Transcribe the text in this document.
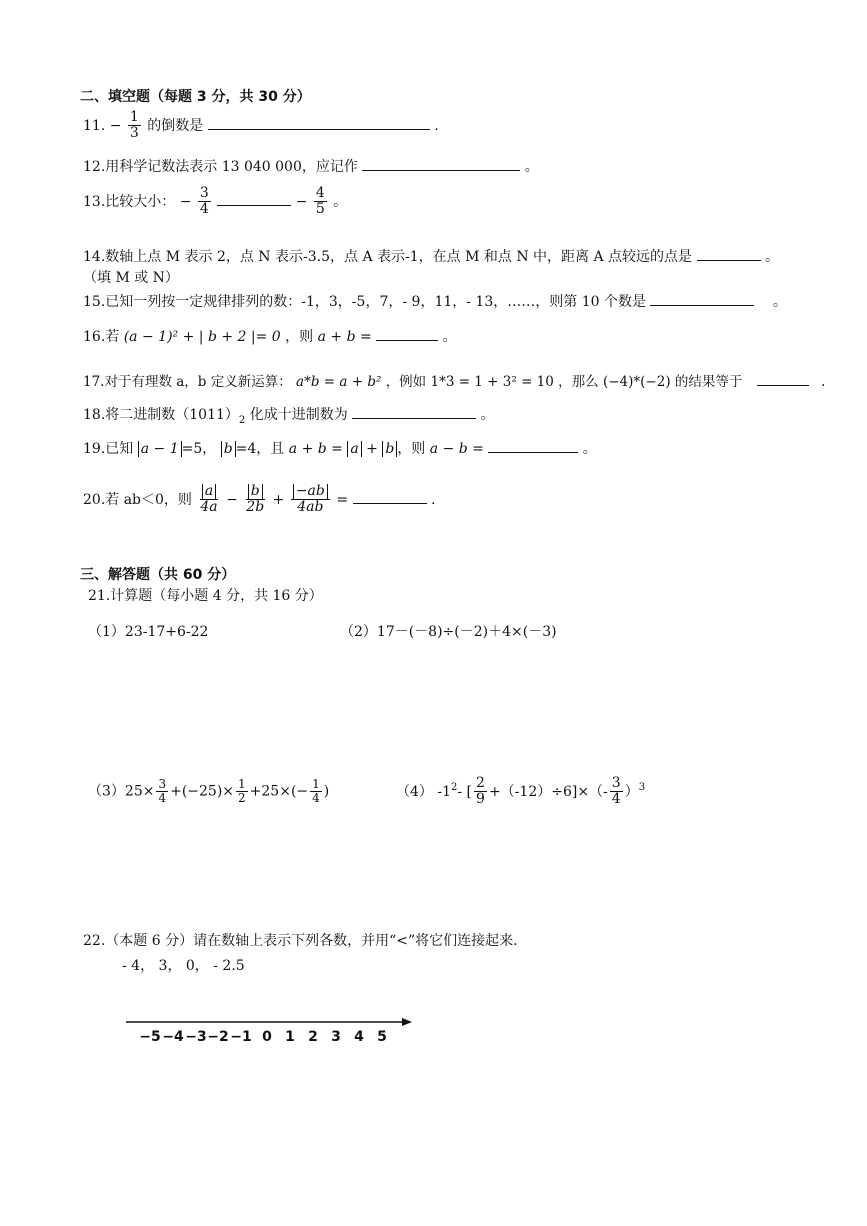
二、填空题（每题 3 分，共 30 分）
11. − $\frac{1}{3}$ 的倒数是	.
12.用科学记数法表示 13 040 000，应记作	。
13.比较大小： − $\frac{3}{4}$	− $\frac{4}{5}$ 。
14.数轴上点 M 表示 2，点 N 表示-3.5，点 A 表示-1，在点 M 和点 N 中，距离 A 点较远的点是	。
（填 M 或 N）
15.已知一列按一定规律排列的数：-1，3，-5，7，- 9，11，- 13，……，则第 10 个数是	。
16.若 (a − 1)² + | b + 2 |= 0 ，则 a + b =	。
17.对于有理数 a，b 定义新运算： a*b = a + b² ，例如 1*3 = 1 + 3² = 10 ，那么 (−4)*(−2) 的结果等于	.
18.将二进制数$(1011)_2$ 化成十进制数为	。
19.已知 a − 1 =5， b =4，且 a + b = a + b ，则 a − b =	。
20.若 ab＜0，则 $\frac{a}{4a} - \frac{b}{2b} + \frac{-ab}{4ab}$ =	.
三、解答题（共 60 分）
21.计算题（每小题 4 分，共 16 分）
（1）23-17+6-22	（2）17－(－8)÷(－2)＋4×(－3)
$(3)25\times \frac{3}{4} +(-25)\times \frac{1}{2} +25\times(- \frac{1}{4}$ )	（4） $-1^2-$ [ $\frac{2}{9} +(-12)\div 6]\times(- \frac{3}{4} )^3$
22.（本题 6 分）请在数轴上表示下列各数，并用“<”将它们连接起来.
- 4， 3， 0， - 2.5
−5 −4 −3 −2 −1 0 1 2 3 4 5
